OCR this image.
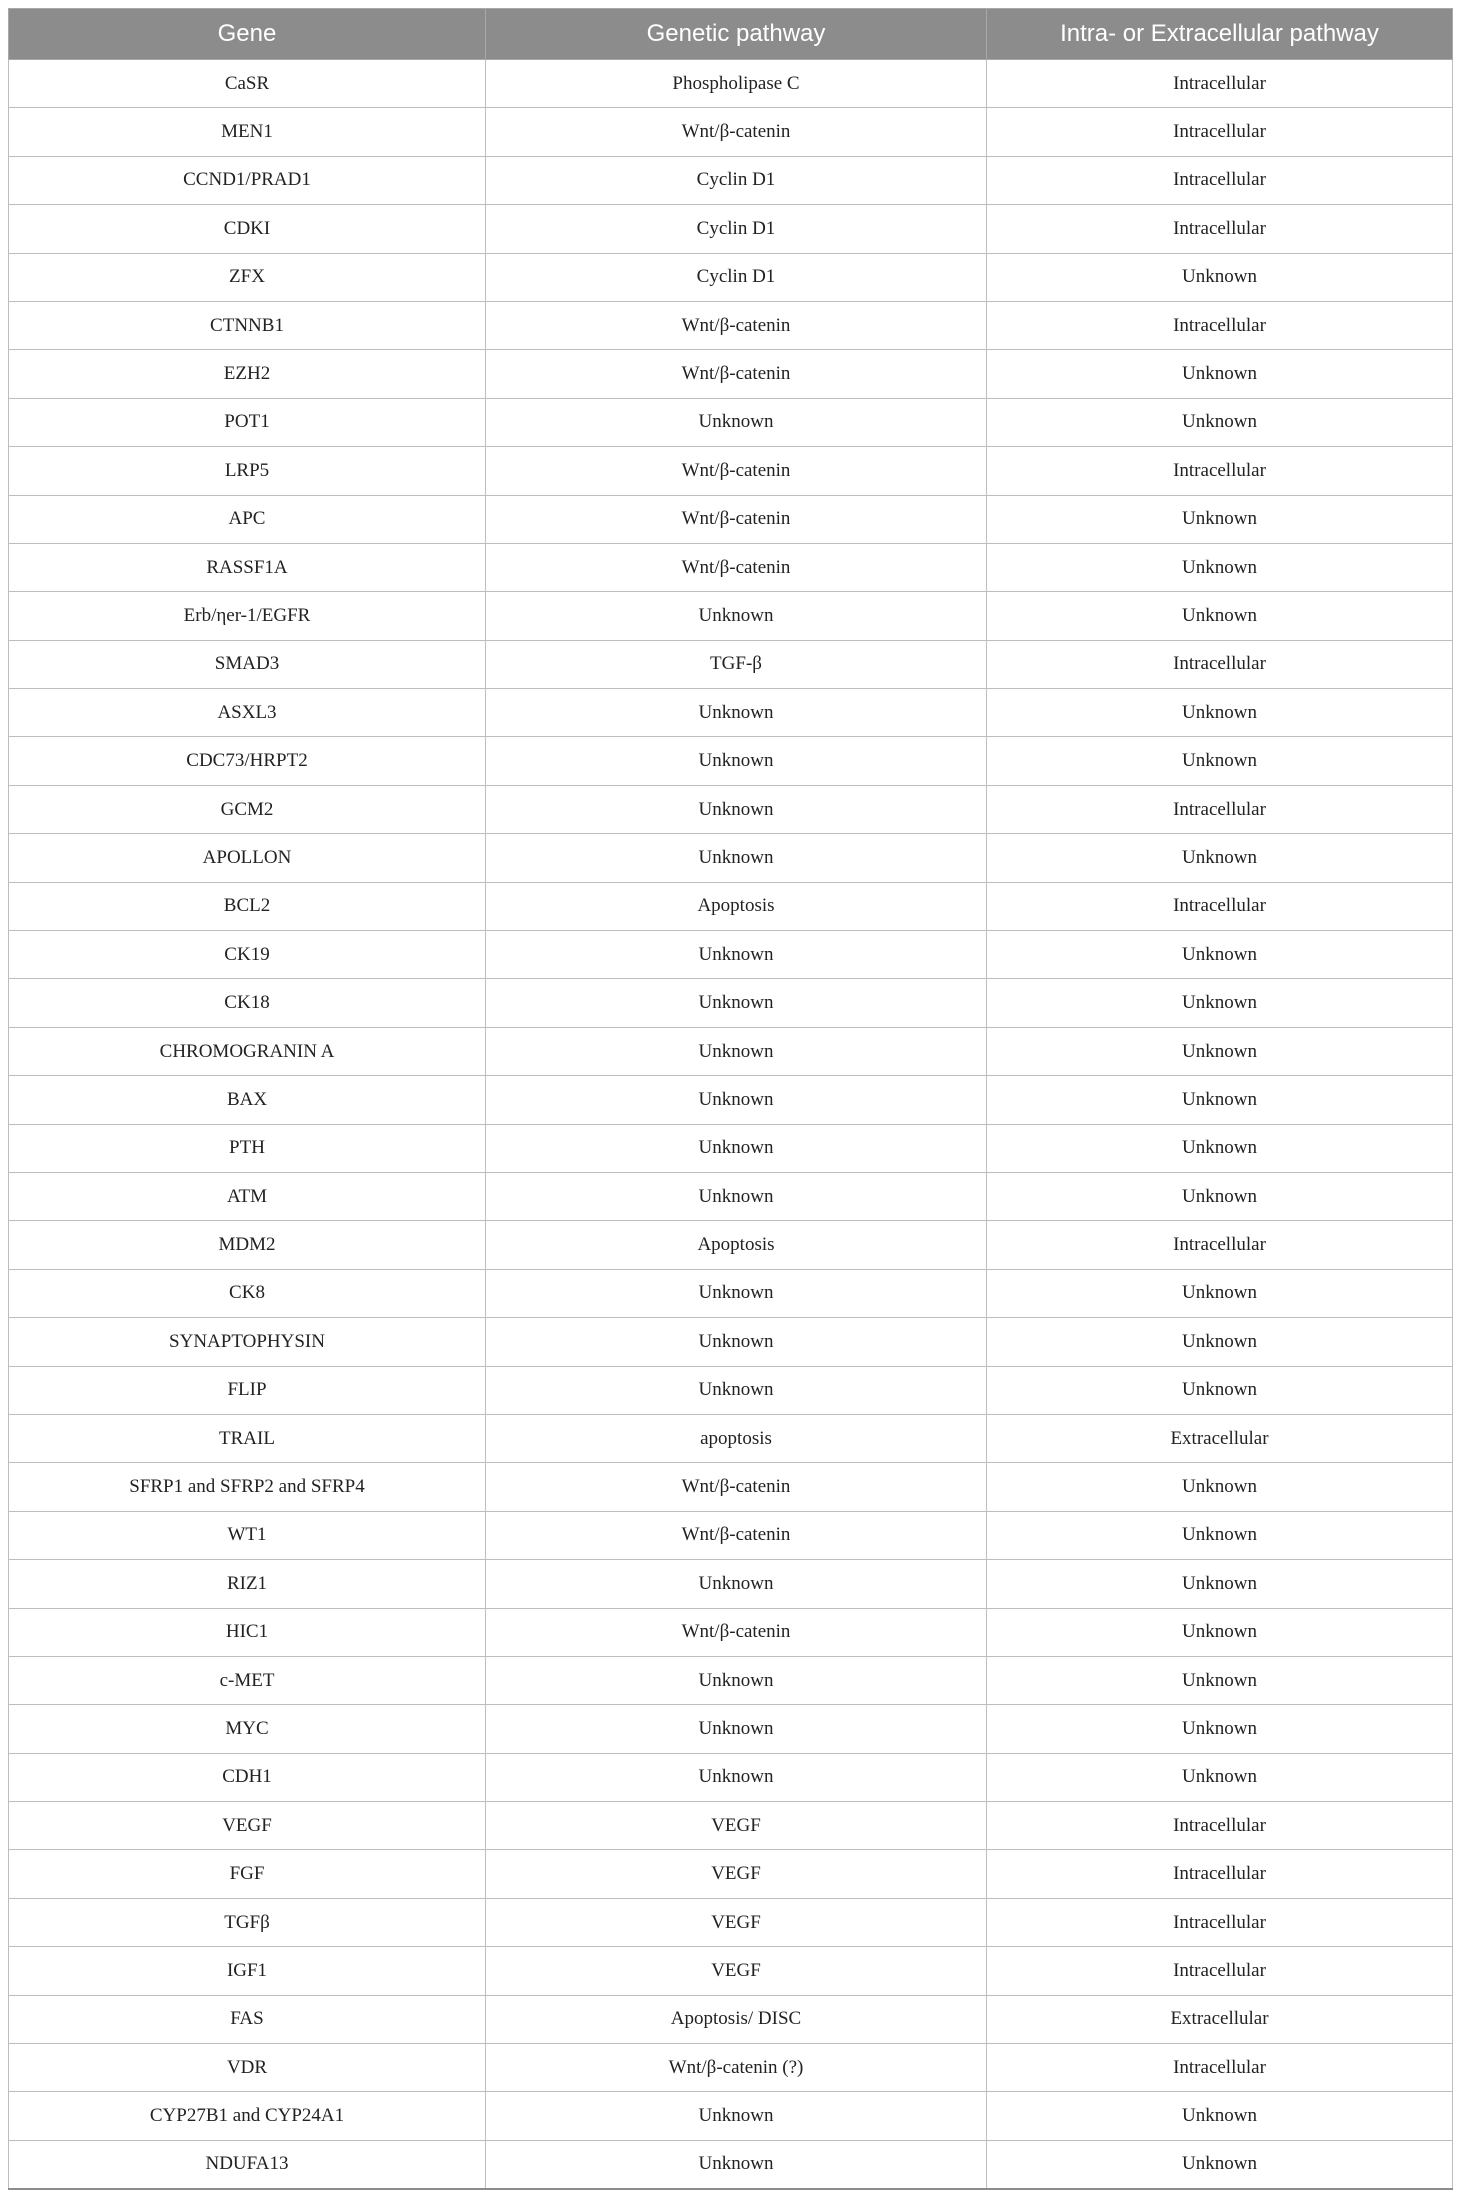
Gene	Genetic pathway	Intra- or Extracellular pathway
CaSR	Phospholipase C	Intracellular
MEN1	Wnt/β-catenin	Intracellular
CCND1/PRAD1	Cyclin D1	Intracellular
CDKI	Cyclin D1	Intracellular
ZFX	Cyclin D1	Unknown
CTNNB1	Wnt/β-catenin	Intracellular
EZH2	Wnt/β-catenin	Unknown
POT1	Unknown	Unknown
LRP5	Wnt/β-catenin	Intracellular
APC	Wnt/β-catenin	Unknown
RASSF1A	Wnt/β-catenin	Unknown
Erb/ηer-1/EGFR	Unknown	Unknown
SMAD3	TGF-β	Intracellular
ASXL3	Unknown	Unknown
CDC73/HRPT2	Unknown	Unknown
GCM2	Unknown	Intracellular
APOLLON	Unknown	Unknown
BCL2	Apoptosis	Intracellular
CK19	Unknown	Unknown
CK18	Unknown	Unknown
CHROMOGRANIN A	Unknown	Unknown
BAX	Unknown	Unknown
PTH	Unknown	Unknown
ATM	Unknown	Unknown
MDM2	Apoptosis	Intracellular
CK8	Unknown	Unknown
SYNAPTOPHYSIN	Unknown	Unknown
FLIP	Unknown	Unknown
TRAIL	apoptosis	Extracellular
SFRP1 and SFRP2 and SFRP4	Wnt/β-catenin	Unknown
WT1	Wnt/β-catenin	Unknown
RIZ1	Unknown	Unknown
HIC1	Wnt/β-catenin	Unknown
c-MET	Unknown	Unknown
MYC	Unknown	Unknown
CDH1	Unknown	Unknown
VEGF	VEGF	Intracellular
FGF	VEGF	Intracellular
TGFβ	VEGF	Intracellular
IGF1	VEGF	Intracellular
FAS	Apoptosis/ DISC	Extracellular
VDR	Wnt/β-catenin (?)	Intracellular
CYP27B1 and CYP24A1	Unknown	Unknown
NDUFA13	Unknown	Unknown
